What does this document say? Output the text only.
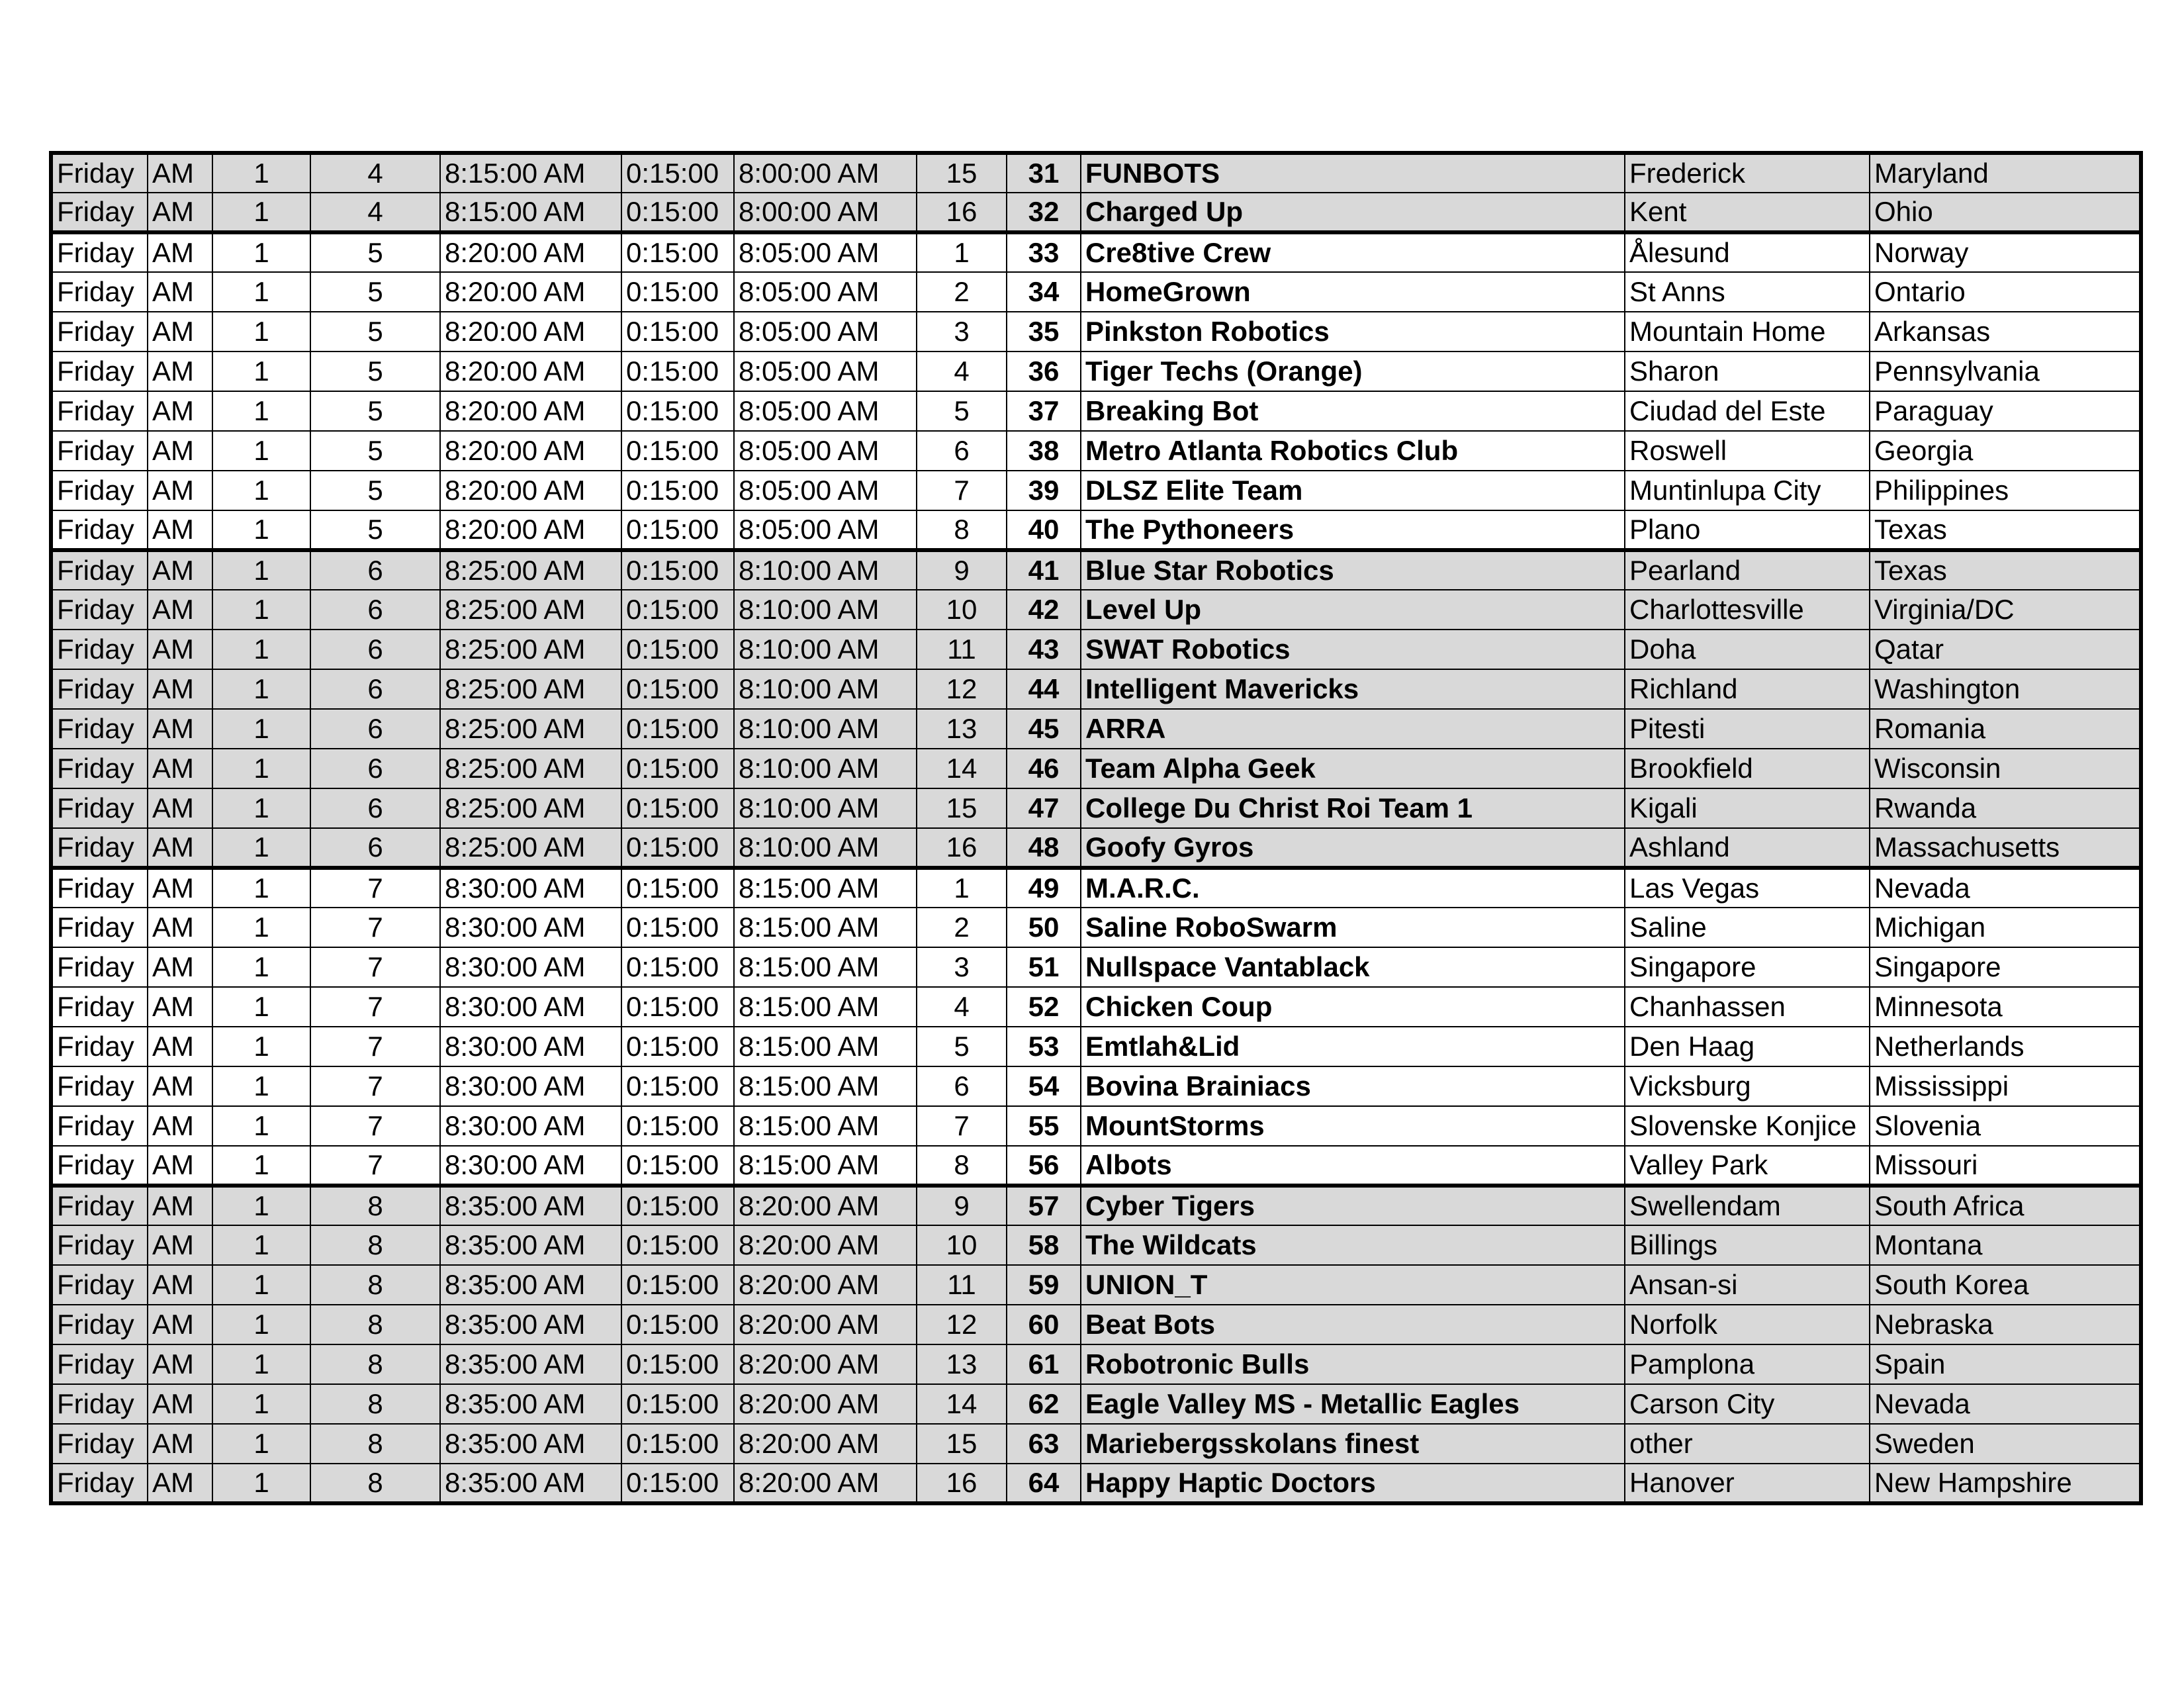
Friday	AM	1	4	8:15:00 AM	0:15:00	8:00:00 AM	15	31	FUNBOTS	Frederick	Maryland
Friday	AM	1	4	8:15:00 AM	0:15:00	8:00:00 AM	16	32	Charged Up	Kent	Ohio
Friday	AM	1	5	8:20:00 AM	0:15:00	8:05:00 AM	1	33	Cre8tive Crew	Ålesund	Norway
Friday	AM	1	5	8:20:00 AM	0:15:00	8:05:00 AM	2	34	HomeGrown	St Anns	Ontario
Friday	AM	1	5	8:20:00 AM	0:15:00	8:05:00 AM	3	35	Pinkston Robotics	Mountain Home	Arkansas
Friday	AM	1	5	8:20:00 AM	0:15:00	8:05:00 AM	4	36	Tiger Techs (Orange)	Sharon	Pennsylvania
Friday	AM	1	5	8:20:00 AM	0:15:00	8:05:00 AM	5	37	Breaking Bot	Ciudad del Este	Paraguay
Friday	AM	1	5	8:20:00 AM	0:15:00	8:05:00 AM	6	38	Metro Atlanta Robotics Club	Roswell	Georgia
Friday	AM	1	5	8:20:00 AM	0:15:00	8:05:00 AM	7	39	DLSZ Elite Team	Muntinlupa City	Philippines
Friday	AM	1	5	8:20:00 AM	0:15:00	8:05:00 AM	8	40	The Pythoneers	Plano	Texas
Friday	AM	1	6	8:25:00 AM	0:15:00	8:10:00 AM	9	41	Blue Star Robotics	Pearland	Texas
Friday	AM	1	6	8:25:00 AM	0:15:00	8:10:00 AM	10	42	Level Up	Charlottesville	Virginia/DC
Friday	AM	1	6	8:25:00 AM	0:15:00	8:10:00 AM	11	43	SWAT Robotics	Doha	Qatar
Friday	AM	1	6	8:25:00 AM	0:15:00	8:10:00 AM	12	44	Intelligent Mavericks	Richland	Washington
Friday	AM	1	6	8:25:00 AM	0:15:00	8:10:00 AM	13	45	ARRA	Pitesti	Romania
Friday	AM	1	6	8:25:00 AM	0:15:00	8:10:00 AM	14	46	Team Alpha Geek	Brookfield	Wisconsin
Friday	AM	1	6	8:25:00 AM	0:15:00	8:10:00 AM	15	47	College Du Christ Roi Team 1	Kigali	Rwanda
Friday	AM	1	6	8:25:00 AM	0:15:00	8:10:00 AM	16	48	Goofy Gyros	Ashland	Massachusetts
Friday	AM	1	7	8:30:00 AM	0:15:00	8:15:00 AM	1	49	M.A.R.C.	Las Vegas	Nevada
Friday	AM	1	7	8:30:00 AM	0:15:00	8:15:00 AM	2	50	Saline RoboSwarm	Saline	Michigan
Friday	AM	1	7	8:30:00 AM	0:15:00	8:15:00 AM	3	51	Nullspace Vantablack	Singapore	Singapore
Friday	AM	1	7	8:30:00 AM	0:15:00	8:15:00 AM	4	52	Chicken Coup	Chanhassen	Minnesota
Friday	AM	1	7	8:30:00 AM	0:15:00	8:15:00 AM	5	53	Emtlah&Lid	Den Haag	Netherlands
Friday	AM	1	7	8:30:00 AM	0:15:00	8:15:00 AM	6	54	Bovina Brainiacs	Vicksburg	Mississippi
Friday	AM	1	7	8:30:00 AM	0:15:00	8:15:00 AM	7	55	MountStorms	Slovenske Konjice	Slovenia
Friday	AM	1	7	8:30:00 AM	0:15:00	8:15:00 AM	8	56	Albots	Valley Park	Missouri
Friday	AM	1	8	8:35:00 AM	0:15:00	8:20:00 AM	9	57	Cyber Tigers	Swellendam	South Africa
Friday	AM	1	8	8:35:00 AM	0:15:00	8:20:00 AM	10	58	The Wildcats	Billings	Montana
Friday	AM	1	8	8:35:00 AM	0:15:00	8:20:00 AM	11	59	UNION_T	Ansan-si	South Korea
Friday	AM	1	8	8:35:00 AM	0:15:00	8:20:00 AM	12	60	Beat Bots	Norfolk	Nebraska
Friday	AM	1	8	8:35:00 AM	0:15:00	8:20:00 AM	13	61	Robotronic Bulls	Pamplona	Spain
Friday	AM	1	8	8:35:00 AM	0:15:00	8:20:00 AM	14	62	Eagle Valley MS - Metallic Eagles	Carson City	Nevada
Friday	AM	1	8	8:35:00 AM	0:15:00	8:20:00 AM	15	63	Mariebergsskolans finest	other	Sweden
Friday	AM	1	8	8:35:00 AM	0:15:00	8:20:00 AM	16	64	Happy Haptic Doctors	Hanover	New Hampshire
